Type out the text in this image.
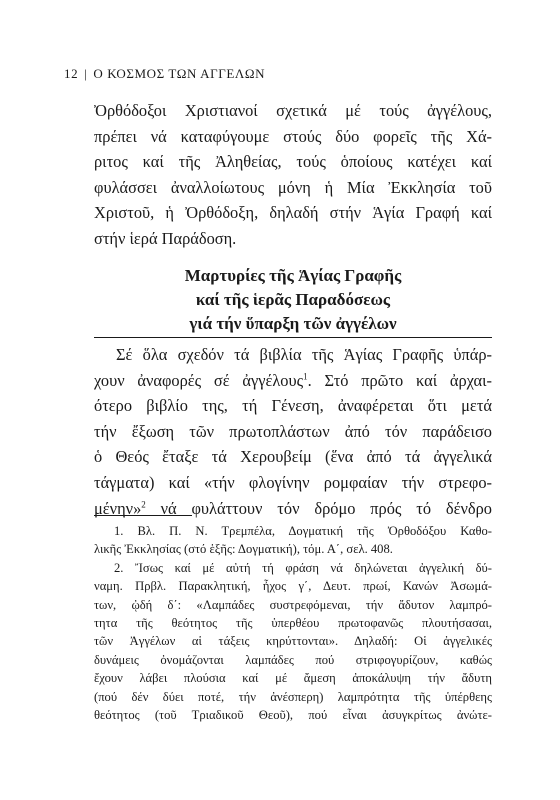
12 | Ο ΚΟΣΜΟΣ ΤΩΝ ΑΓΓΕΛΩΝ
Ὀρθόδοξοι Χριστιανοί σχετικά μέ τούς ἀγγέλους,
πρέπει νά καταφύγουμε στούς δύο φορεῖς τῆς Χά-
ριτος καί τῆς Ἀληθείας, τούς ὁποίους κατέχει καί
φυλάσσει ἀναλλοίωτους μόνη ἡ Μία Ἐκκλησία τοῦ
Χριστοῦ, ἡ Ὀρθόδοξη, δηλαδή στήν Ἁγία Γραφή καί
στήν ἱερά Παράδοση.
Μαρτυρίες τῆς Ἁγίας Γραφῆς
καί τῆς ἱερᾶς Παραδόσεως
γιά τήν ὕπαρξη τῶν ἀγγέλων
Σέ ὅλα σχεδόν τά βιβλία τῆς Ἁγίας Γραφῆς ὑπάρ-
χουν ἀναφορές σέ ἀγγέλους$^1$. Στό πρῶτο καί ἀρχαι-
ότερο βιβλίο της, τή Γένεση, ἀναφέρεται ὅτι μετά
τήν ἔξωση τῶν πρωτοπλάστων ἀπό τόν παράδεισο
ὁ Θεός ἔταξε τά Χερουβείμ (ἕνα ἀπό τά ἀγγελικά
τάγματα) καί «τήν φλογίνην ρομφαίαν τήν στρεφο-
μένην»$^2$ νά φυλάττουν τόν δρόμο πρός τό δένδρο
1. Βλ. Π. Ν. Τρεμπέλα, Δογματική τῆς Ὀρθοδόξου Καθο-
λικῆς Ἐκκλησίας (στό ἑξῆς: Δογματική), τόμ. Α΄, σελ. 408.
2. Ἴσως καί μέ αὐτή τή φράση νά δηλώνεται ἀγγελική δύ-
ναμη. Πρβλ. Παρακλητική, ἦχος γ΄, Δευτ. πρωί, Κανών Ἀσωμά-
των, ᾠδή δ΄: «Λαμπάδες συστρεφόμεναι, τήν ἄδυτον λαμπρό-
τητα τῆς θεότητος τῆς ὑπερθέου πρωτοφανῶς πλουτήσασαι,
τῶν Ἀγγέλων αἱ τάξεις κηρύττονται». Δηλαδή: Οἱ ἀγγελικές
δυνάμεις ὀνομάζονται λαμπάδες πού στριφογυρίζουν, καθώς
ἔχουν λάβει πλούσια καί μέ ἄμεση ἀποκάλυψη τήν ἄδυτη
(πού δέν δύει ποτέ, τήν ἀνέσπερη) λαμπρότητα τῆς ὑπέρθεης
θεότητος (τοῦ Τριαδικοῦ Θεοῦ), πού εἶναι ἀσυγκρίτως ἀνώτε-
